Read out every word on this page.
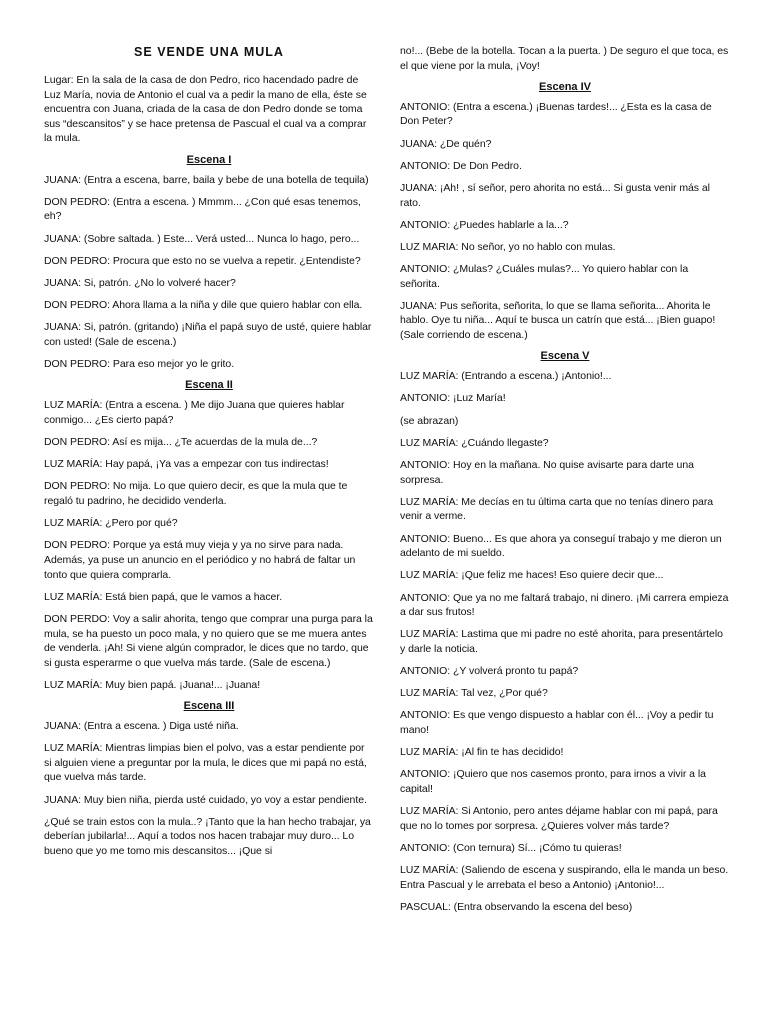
SE VENDE UNA MULA
Lugar: En la sala de la casa de don Pedro, rico hacendado padre de Luz María, novia de Antonio el cual va a pedir la mano de ella, éste se encuentra con Juana, criada de la casa de don Pedro donde se toma sus “descansitos” y se hace pretensa de Pascual el cual va a comprar la mula.
Escena I
JUANA: (Entra a escena, barre, baila y bebe de una botella de tequila)
DON PEDRO: (Entra a escena. ) Mmmm... ¿Con qué esas tenemos, eh?
JUANA: (Sobre saltada. ) Este... Verá usted... Nunca lo hago, pero...
DON PEDRO: Procura que esto no se vuelva a repetir. ¿Entendiste?
JUANA: Si, patrón. ¿No lo volveré hacer?
DON PEDRO: Ahora llama a la niña y dile que quiero hablar con ella.
JUANA: Si, patrón. (gritando) ¡Niña el papá suyo de usté, quiere hablar con usted! (Sale de escena.)
DON PEDRO: Para eso mejor yo le grito.
Escena II
LUZ MARÍA: (Entra a escena. ) Me dijo Juana que quieres hablar conmigo... ¿Es cierto papá?
DON PEDRO: Así es mija... ¿Te acuerdas de la mula de...?
LUZ MARÍA: Hay papá, ¡Ya vas a empezar con tus indirectas!
DON PEDRO: No mija. Lo que quiero decir, es que la mula que te regaló tu padrino, he decidido venderla.
LUZ MARÍA: ¿Pero por qué?
DON PEDRO: Porque ya está muy vieja y ya no sirve para nada. Además, ya puse un anuncio en el periódico y no habrá de faltar un tonto que quiera comprarla.
LUZ MARÍA: Está bien papá, que le vamos a hacer.
DON PERDO: Voy a salir ahorita, tengo que comprar una purga para la mula, se ha puesto un poco mala, y no quiero que se me muera antes de venderla. ¡Ah! Si viene algún comprador, le dices que no tardo, que si gusta esperarme o que vuelva más tarde. (Sale de escena.)
LUZ MARÍA: Muy bien papá. ¡Juana!... ¡Juana!
Escena III
JUANA: (Entra a escena. ) Diga usté niña.
LUZ MARÍA: Mientras limpias bien el polvo, vas a estar pendiente por si alguien viene a preguntar por la mula, le dices que mi papá no está, que vuelva más tarde.
JUANA: Muy bien niña, pierda usté cuidado, yo voy a estar pendiente.
¿Qué se train estos con la mula..? ¡Tanto que la han hecho trabajar, ya deberían jubilarla!... Aquí a todos nos hacen trabajar muy duro... Lo bueno que yo me tomo mis descansitos... ¡Que si
no!... (Bebe de la botella. Tocan a la puerta. ) De seguro el que toca, es el que viene por la mula, ¡Voy!
Escena IV
ANTONIO: (Entra a escena.) ¡Buenas tardes!... ¿Esta es la casa de Don Peter?
JUANA: ¿De quén?
ANTONIO: De Don Pedro.
JUANA: ¡Ah! , sí señor, pero ahorita no está... Si gusta venir más al rato.
ANTONIO: ¿Puedes hablarle a la...?
LUZ MARIA: No señor, yo no hablo con mulas.
ANTONIO: ¿Mulas? ¿Cuáles mulas?... Yo quiero hablar con la señorita.
JUANA: Pus señorita, señorita, lo que se llama señorita... Ahorita le hablo. Oye tu niña... Aquí te busca un catrín que está... ¡Bien guapo! (Sale corriendo de escena.)
Escena V
LUZ MARÍA: (Entrando a escena.) ¡Antonio!...
ANTONIO: ¡Luz María!
(se abrazan)
LUZ MARÍA: ¿Cuándo llegaste?
ANTONIO: Hoy en la mañana. No quise avisarte para darte una sorpresa.
LUZ MARÍA: Me decías en tu última carta que no tenías dinero para venir a verme.
ANTONIO: Bueno... Es que ahora ya conseguí trabajo y me dieron un adelanto de mi sueldo.
LUZ MARÍA: ¡Que feliz me haces! Eso quiere decir que...
ANTONIO: Que ya no me faltará trabajo, ni dinero. ¡Mi carrera empieza a dar sus frutos!
LUZ MARÍA: Lastima que mi padre no esté ahorita, para presentártelo y darle la noticia.
ANTONIO: ¿Y volverá pronto tu papá?
LUZ MARÍA: Tal vez, ¿Por qué?
ANTONIO: Es que vengo dispuesto a hablar con él... ¡Voy a pedir tu mano!
LUZ MARÍA: ¡Al fin te has decidido!
ANTONIO: ¡Quiero que nos casemos pronto, para irnos a vivir a la capital!
LUZ MARÍA: Si Antonio, pero antes déjame hablar con mi papá, para que no lo tomes por sorpresa. ¿Quieres volver más tarde?
ANTONIO: (Con ternura) Sí... ¡Cómo tu quieras!
LUZ MARÍA: (Saliendo de escena y suspirando, ella le manda un beso. Entra Pascual y le arrebata el beso a Antonio) ¡Antonio!...
PASCUAL: (Entra observando la escena del beso)
